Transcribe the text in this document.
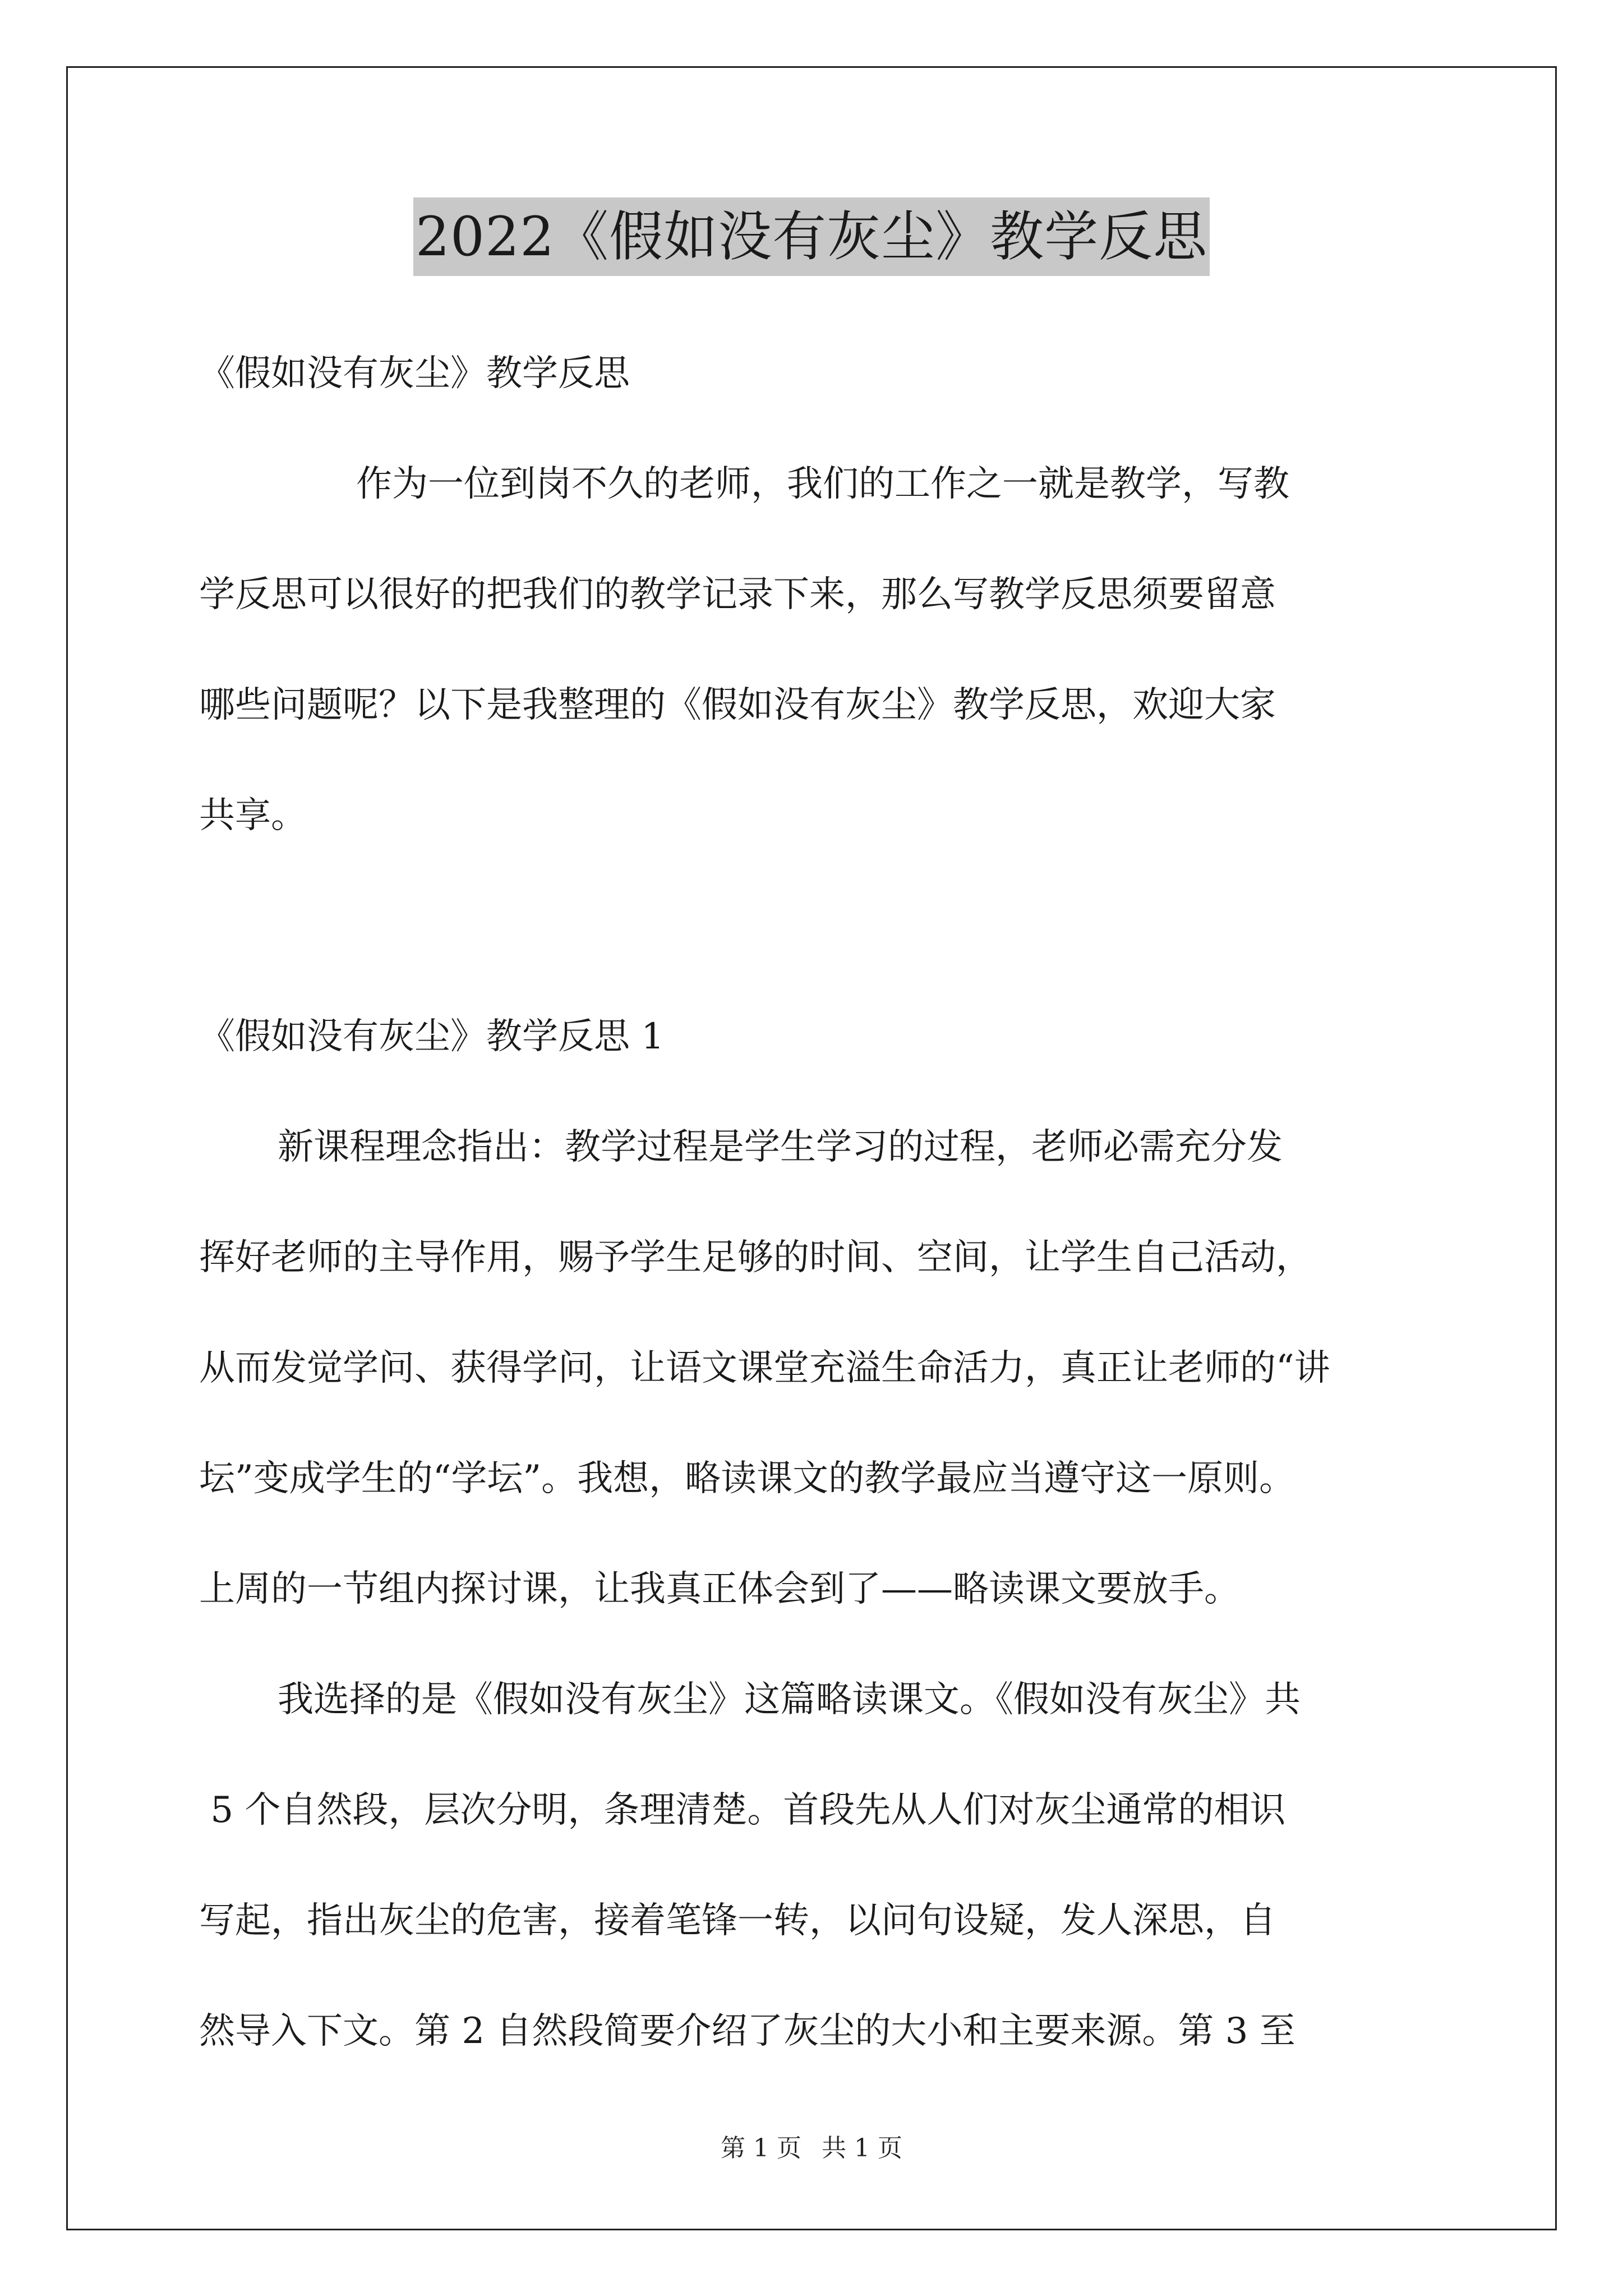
2022《假如没有灰尘》教学反思
《假如没有灰尘》教学反思
作为一位到岗不久的老师，我们的工作之一就是教学，写教
学反思可以很好的把我们的教学记录下来，那么写教学反思须要留意
哪些问题呢？以下是我整理的《假如没有灰尘》教学反思，欢迎大家
共享。
《假如没有灰尘》教学反思 1
新课程理念指出：教学过程是学生学习的过程，老师必需充分发
挥好老师的主导作用，赐予学生足够的时间、空间，让学生自己活动，
从而发觉学问、获得学问，让语文课堂充溢生命活力，真正让老师的“讲
坛”变成学生的“学坛”。我想，略读课文的教学最应当遵守这一原则。
上周的一节组内探讨课，让我真正体会到了——略读课文要放手。
我选择的是《假如没有灰尘》这篇略读课文。《假如没有灰尘》共
5 个自然段，层次分明，条理清楚。首段先从人们对灰尘通常的相识
写起，指出灰尘的危害，接着笔锋一转，以问句设疑，发人深思，自
然导入下文。第 2 自然段简要介绍了灰尘的大小和主要来源。第 3 至
第 1 页 共 1 页
